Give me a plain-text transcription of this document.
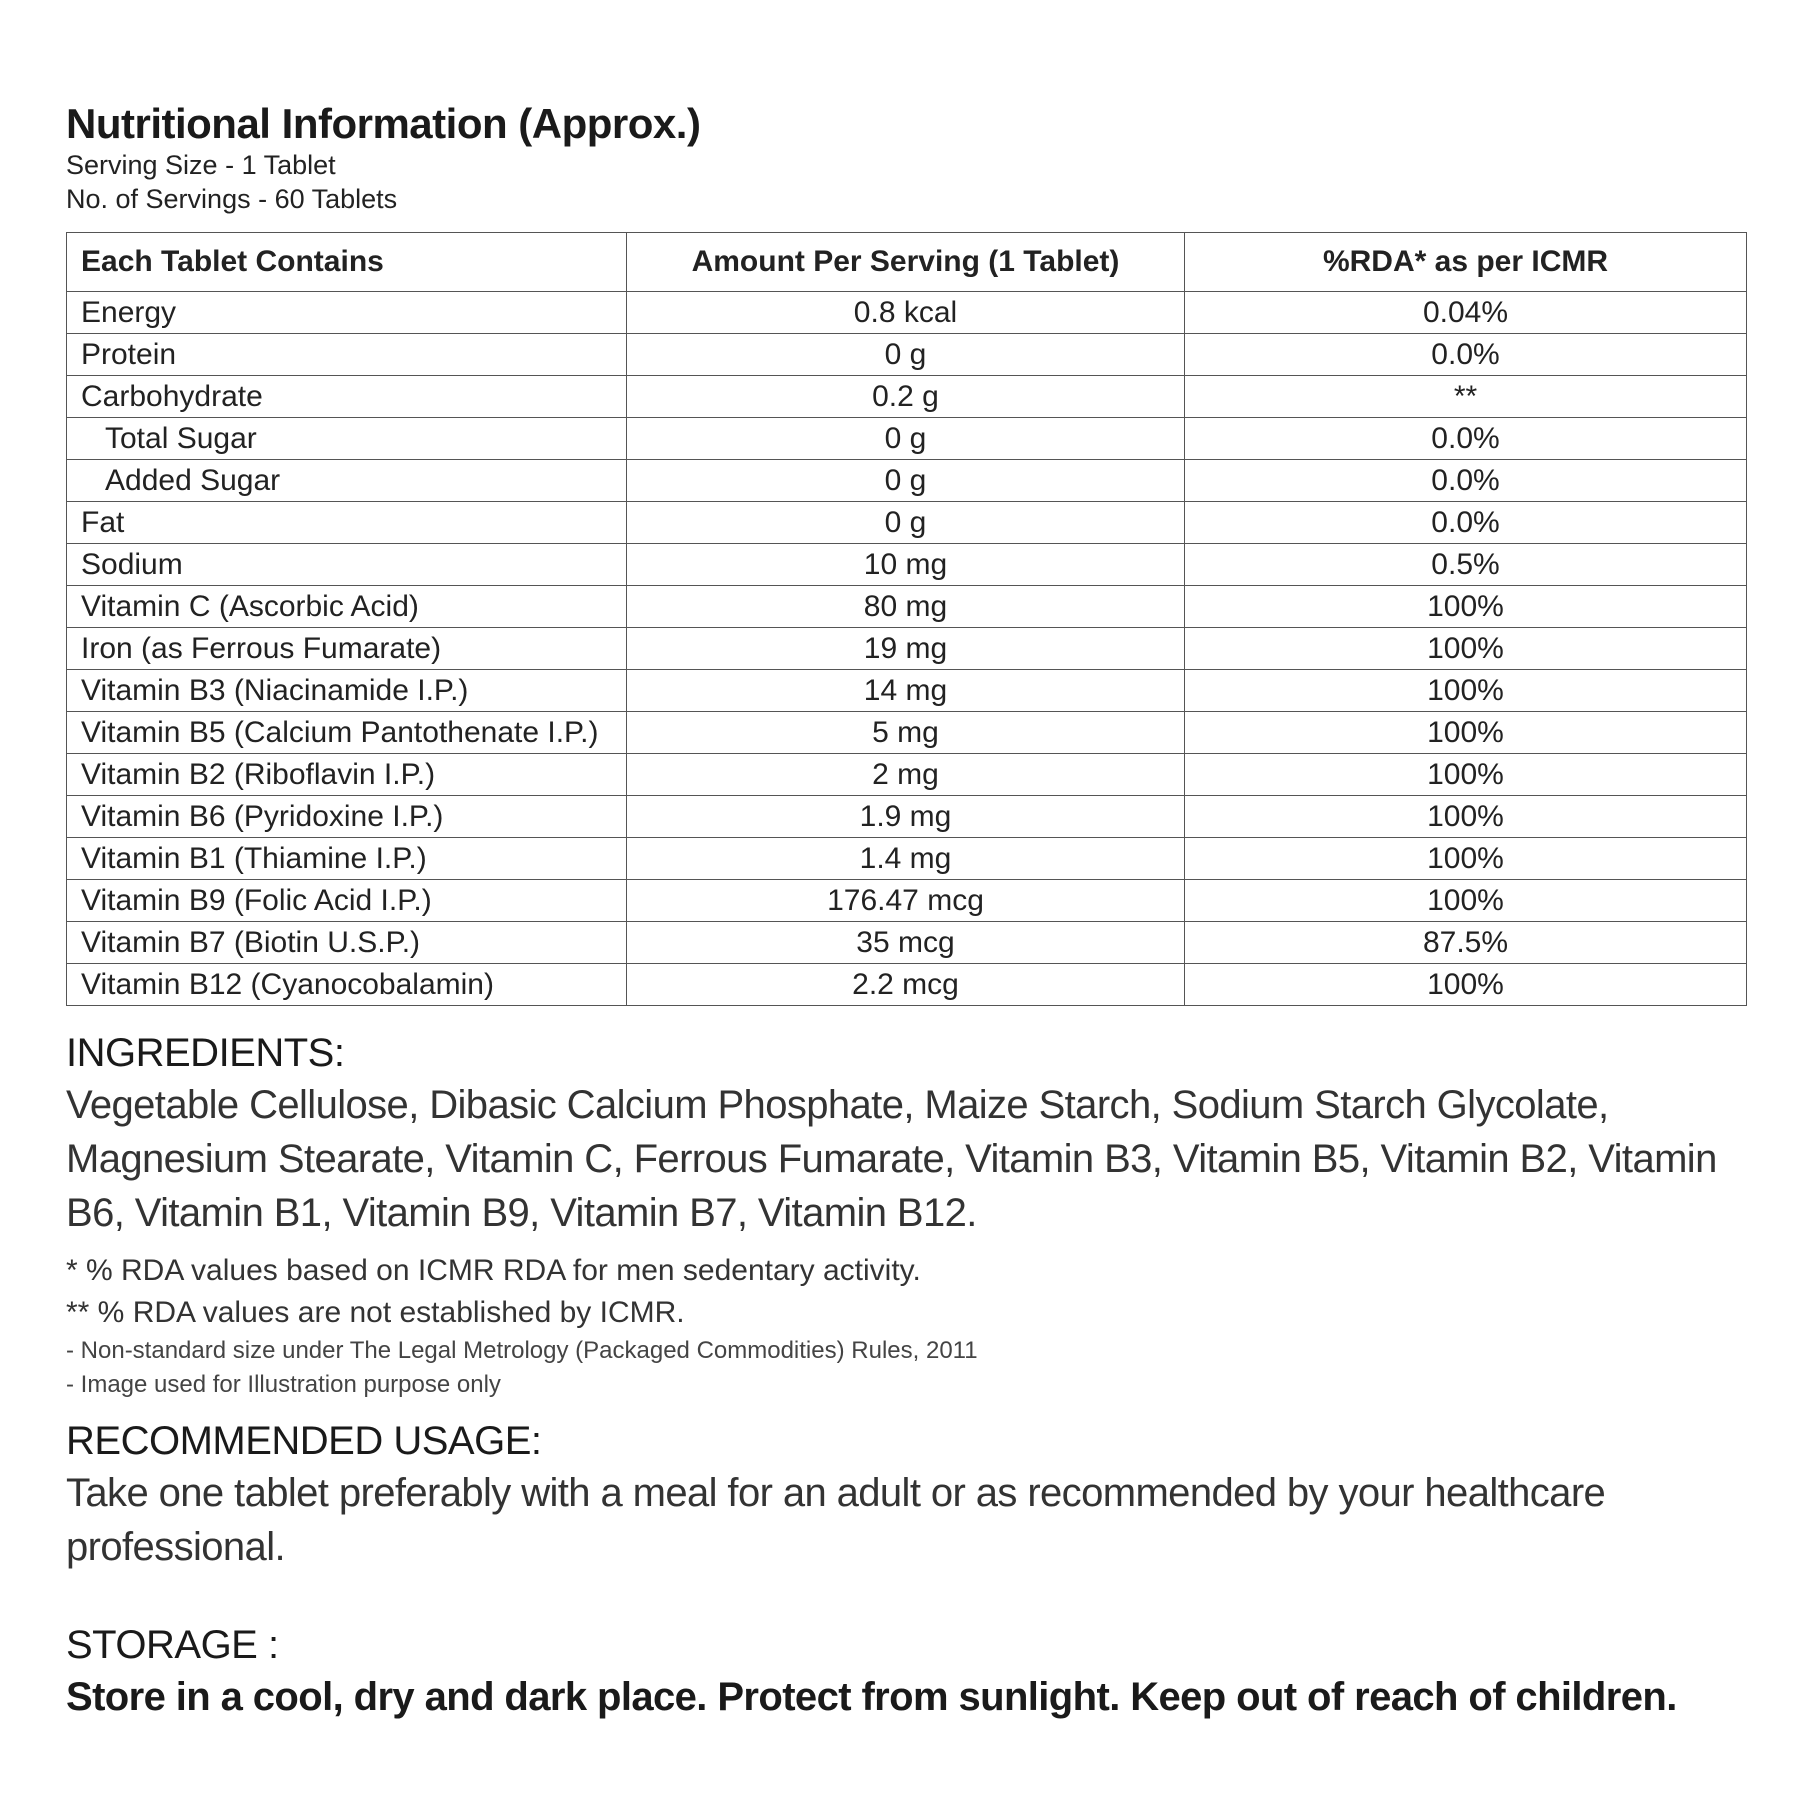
Nutritional Information (Approx.)
Serving Size - 1 Tablet
No. of Servings - 60 Tablets
Each Tablet Contains	Amount Per Serving (1 Tablet)	%RDA* as per ICMR
Energy	0.8 kcal	0.04%
Protein	0 g	0.0%
Carbohydrate	0.2 g	**
Total Sugar	0 g	0.0%
Added Sugar	0 g	0.0%
Fat	0 g	0.0%
Sodium	10 mg	0.5%
Vitamin C (Ascorbic Acid)	80 mg	100%
Iron (as Ferrous Fumarate)	19 mg	100%
Vitamin B3 (Niacinamide I.P.)	14 mg	100%
Vitamin B5 (Calcium Pantothenate I.P.)	5 mg	100%
Vitamin B2 (Riboflavin I.P.)	2 mg	100%
Vitamin B6 (Pyridoxine I.P.)	1.9 mg	100%
Vitamin B1 (Thiamine I.P.)	1.4 mg	100%
Vitamin B9 (Folic Acid I.P.)	176.47 mcg	100%
Vitamin B7 (Biotin U.S.P.)	35 mcg	87.5%
Vitamin B12 (Cyanocobalamin)	2.2 mcg	100%
INGREDIENTS:
Vegetable Cellulose, Dibasic Calcium Phosphate, Maize Starch, Sodium Starch Glycolate, Magnesium Stearate, Vitamin C, Ferrous Fumarate, Vitamin B3, Vitamin B5, Vitamin B2, Vitamin B6, Vitamin B1, Vitamin B9, Vitamin B7, Vitamin B12.
* % RDA values based on ICMR RDA for men sedentary activity.
** % RDA values are not established by ICMR.
- Non-standard size under The Legal Metrology (Packaged Commodities) Rules, 2011
- Image used for Illustration purpose only
RECOMMENDED USAGE:
Take one tablet preferably with a meal for an adult or as recommended by your healthcare professional.
STORAGE :
Store in a cool, dry and dark place. Protect from sunlight. Keep out of reach of children.
